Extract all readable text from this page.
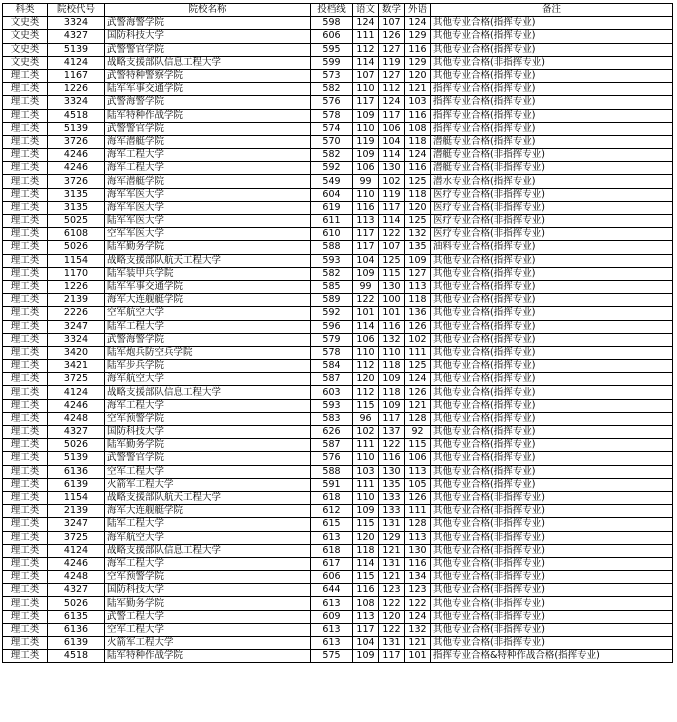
科类	院校代号	院校名称	投档线	语文	数学	外语	备注
文史类	3324	武警海警学院	598	124	107	124	其他专业合格(指挥专业)
文史类	4327	国防科技大学	606	111	126	129	其他专业合格(指挥专业)
文史类	5139	武警警官学院	595	112	127	116	其他专业合格(指挥专业)
文史类	4124	战略支援部队信息工程大学	599	114	119	129	其他专业合格(非指挥专业)
理工类	1167	武警特种警察学院	573	107	127	120	其他专业合格(指挥专业)
理工类	1226	陆军军事交通学院	582	110	112	121	指挥专业合格(指挥专业)
理工类	3324	武警海警学院	576	117	124	103	指挥专业合格(指挥专业)
理工类	4518	陆军特种作战学院	578	109	117	116	指挥专业合格(指挥专业)
理工类	5139	武警警官学院	574	110	106	108	指挥专业合格(指挥专业)
理工类	3726	海军潜艇学院	570	119	104	118	潜艇专业合格(指挥专业)
理工类	4246	海军工程大学	582	109	114	124	潜艇专业合格(非指挥专业)
理工类	4246	海军工程大学	592	106	130	116	潜艇专业合格(非指挥专业)
理工类	3726	海军潜艇学院	549	99	102	125	潜水专业合格(指挥专业)
理工类	3135	海军军医大学	604	110	119	118	医疗专业合格(非指挥专业)
理工类	3135	海军军医大学	619	116	117	120	医疗专业合格(非指挥专业)
理工类	5025	陆军军医大学	611	113	114	125	医疗专业合格(非指挥专业)
理工类	6108	空军军医大学	610	117	122	132	医疗专业合格(非指挥专业)
理工类	5026	陆军勤务学院	588	117	107	135	油料专业合格(指挥专业)
理工类	1154	战略支援部队航天工程大学	593	104	125	109	其他专业合格(指挥专业)
理工类	1170	陆军装甲兵学院	582	109	115	127	其他专业合格(指挥专业)
理工类	1226	陆军军事交通学院	585	99	130	113	其他专业合格(指挥专业)
理工类	2139	海军大连舰艇学院	589	122	100	118	其他专业合格(指挥专业)
理工类	2226	空军航空大学	592	101	101	136	其他专业合格(指挥专业)
理工类	3247	陆军工程大学	596	114	116	126	其他专业合格(指挥专业)
理工类	3324	武警海警学院	579	106	132	102	其他专业合格(指挥专业)
理工类	3420	陆军炮兵防空兵学院	578	110	110	111	其他专业合格(指挥专业)
理工类	3421	陆军步兵学院	584	112	118	125	其他专业合格(指挥专业)
理工类	3725	海军航空大学	587	120	109	124	其他专业合格(指挥专业)
理工类	4124	战略支援部队信息工程大学	603	112	118	126	其他专业合格(指挥专业)
理工类	4246	海军工程大学	593	115	109	121	其他专业合格(指挥专业)
理工类	4248	空军预警学院	583	96	117	128	其他专业合格(指挥专业)
理工类	4327	国防科技大学	626	102	137	92	其他专业合格(指挥专业)
理工类	5026	陆军勤务学院	587	111	122	115	其他专业合格(指挥专业)
理工类	5139	武警警官学院	576	110	116	106	其他专业合格(指挥专业)
理工类	6136	空军工程大学	588	103	130	113	其他专业合格(指挥专业)
理工类	6139	火箭军工程大学	591	111	135	105	其他专业合格(指挥专业)
理工类	1154	战略支援部队航天工程大学	618	110	133	126	其他专业合格(非指挥专业)
理工类	2139	海军大连舰艇学院	612	109	133	111	其他专业合格(非指挥专业)
理工类	3247	陆军工程大学	615	115	131	128	其他专业合格(非指挥专业)
理工类	3725	海军航空大学	613	120	129	113	其他专业合格(非指挥专业)
理工类	4124	战略支援部队信息工程大学	618	118	121	130	其他专业合格(非指挥专业)
理工类	4246	海军工程大学	617	114	131	116	其他专业合格(非指挥专业)
理工类	4248	空军预警学院	606	115	121	134	其他专业合格(非指挥专业)
理工类	4327	国防科技大学	644	116	123	123	其他专业合格(非指挥专业)
理工类	5026	陆军勤务学院	613	108	122	122	其他专业合格(非指挥专业)
理工类	6135	武警工程大学	609	113	120	124	其他专业合格(非指挥专业)
理工类	6136	空军工程大学	613	117	122	132	其他专业合格(非指挥专业)
理工类	6139	火箭军工程大学	613	104	131	121	其他专业合格(非指挥专业)
理工类	4518	陆军特种作战学院	575	109	117	101	指挥专业合格&特种作战合格(指挥专业)
